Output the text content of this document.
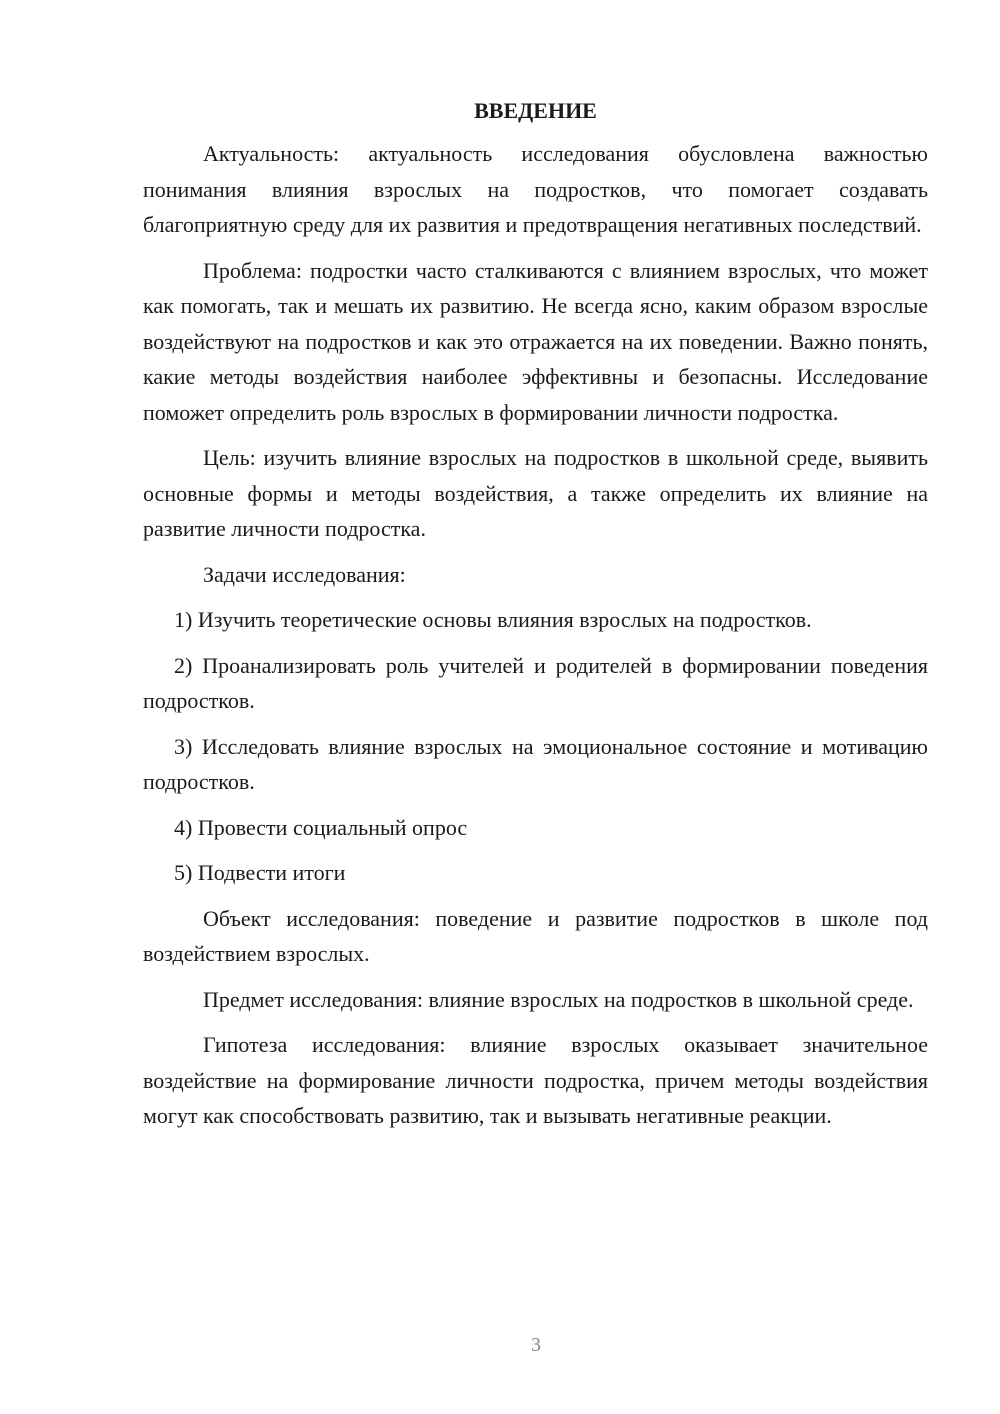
ВВЕДЕНИЕ

Актуальность: актуальность исследования обусловлена важностью понимания влияния взрослых на подростков, что помогает создавать благоприятную среду для их развития и предотвращения негативных последствий.

Проблема: подростки часто сталкиваются с влиянием взрослых, что может как помогать, так и мешать их развитию. Не всегда ясно, каким образом взрослые воздействуют на подростков и как это отражается на их поведении. Важно понять, какие методы воздействия наиболее эффективны и безопасны. Исследование поможет определить роль взрослых в формировании личности подростка.

Цель: изучить влияние взрослых на подростков в школьной среде, выявить основные формы и методы воздействия, а также определить их влияние на развитие личности подростка.

Задачи исследования:

1) Изучить теоретические основы влияния взрослых на подростков.

2) Проанализировать роль учителей и родителей в формировании поведения подростков.

3) Исследовать влияние взрослых на эмоциональное состояние и мотивацию подростков.

4) Провести социальный опрос

5) Подвести итоги

Объект исследования: поведение и развитие подростков в школе под воздействием взрослых.

Предмет исследования: влияние взрослых на подростков в школьной среде.

Гипотеза исследования: влияние взрослых оказывает значительное воздействие на формирование личности подростка, причем методы воздействия могут как способствовать развитию, так и вызывать негативные реакции.

3
